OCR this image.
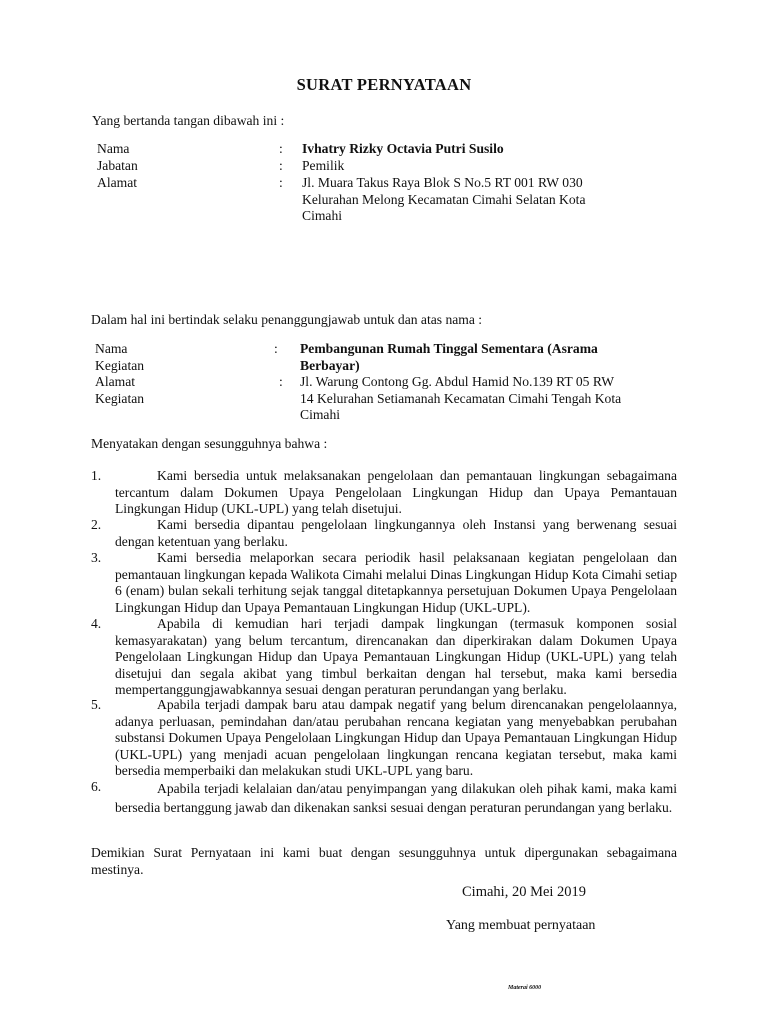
SURAT PERNYATAAN
Yang bertanda tangan dibawah ini :
Nama	: Ivhatry Rizky Octavia Putri Susilo
Jabatan	: Pemilik
Alamat	: Jl. Muara Takus Raya Blok S No.5 RT 001 RW 030
Kelurahan Melong Kecamatan Cimahi Selatan Kota
Cimahi
Dalam hal ini bertindak selaku penanggungjawab untuk dan atas nama :
Nama Kegiatan
: Pembangunan Rumah Tinggal Sementara (Asrama
Berbayar)
Alamat Kegiatan
: Jl. Warung Contong Gg. Abdul Hamid No.139 RT 05 RW
14 Kelurahan Setiamanah Kecamatan Cimahi Tengah Kota
Cimahi
Menyatakan dengan sesungguhnya bahwa :
1.	Kami bersedia untuk melaksanakan pengelolaan dan pemantauan lingkungan sebagaimana tercantum dalam Dokumen Upaya Pengelolaan Lingkungan Hidup dan Upaya Pemantauan Lingkungan Hidup (UKL-UPL) yang telah disetujui.
2.	Kami bersedia dipantau pengelolaan lingkungannya oleh Instansi yang berwenang sesuai dengan ketentuan yang berlaku.
3.	Kami bersedia melaporkan secara periodik hasil pelaksanaan kegiatan pengelolaan dan pemantauan lingkungan kepada Walikota Cimahi melalui Dinas Lingkungan Hidup Kota Cimahi setiap 6 (enam) bulan sekali terhitung sejak tanggal ditetapkannya persetujuan Dokumen Upaya Pengelolaan Lingkungan Hidup dan Upaya Pemantauan Lingkungan Hidup (UKL-UPL).
4.	Apabila di kemudian hari terjadi dampak lingkungan (termasuk komponen sosial kemasyarakatan) yang belum tercantum, direncanakan dan diperkirakan dalam Dokumen Upaya Pengelolaan Lingkungan Hidup dan Upaya Pemantauan Lingkungan Hidup (UKL-UPL) yang telah disetujui dan segala akibat yang timbul berkaitan dengan hal tersebut, maka kami bersedia mempertanggungjawabkannya sesuai dengan peraturan perundangan yang berlaku.
5.	Apabila terjadi dampak baru atau dampak negatif yang belum direncanakan pengelolaannya, adanya perluasan, pemindahan dan/atau perubahan rencana kegiatan yang menyebabkan perubahan substansi Dokumen Upaya Pengelolaan Lingkungan Hidup dan Upaya Pemantauan Lingkungan Hidup (UKL-UPL) yang menjadi acuan pengelolaan lingkungan rencana kegiatan tersebut, maka kami bersedia memperbaiki dan melakukan studi UKL-UPL yang baru.
6.	Apabila terjadi kelalaian dan/atau penyimpangan yang dilakukan oleh pihak kami, maka kami bersedia bertanggung jawab dan dikenakan sanksi sesuai dengan peraturan perundangan yang berlaku.
Demikian Surat Pernyataan ini kami buat dengan sesungguhnya untuk dipergunakan sebagaimana mestinya.
Cimahi, 20 Mei 2019
Yang membuat pernyataan
Materai 6000
